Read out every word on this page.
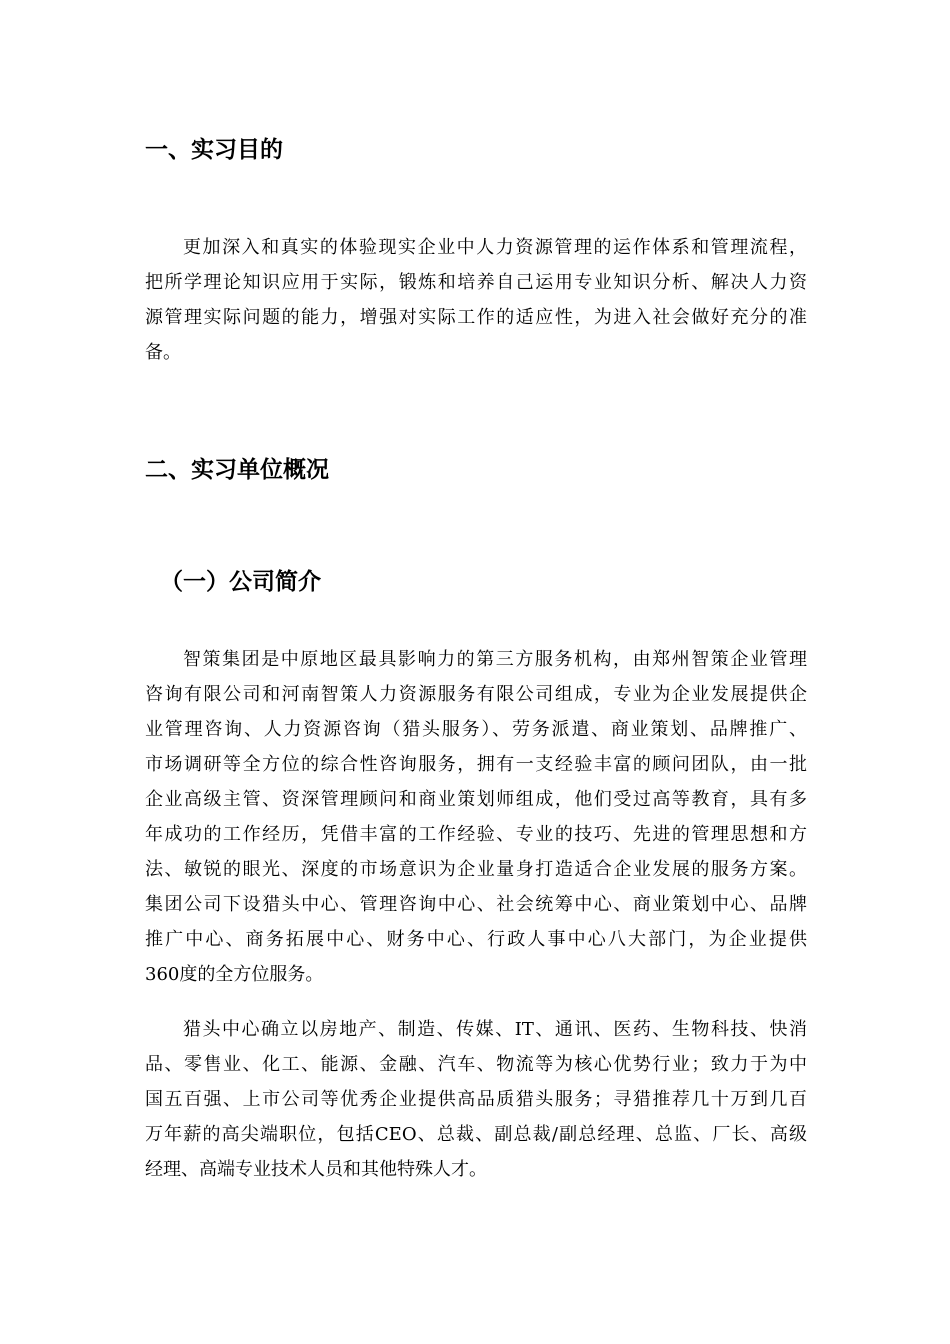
一、实习目的
更加深入和真实的体验现实企业中人力资源管理的运作体系和管理流程，
把所学理论知识应用于实际，锻炼和培养自己运用专业知识分析、解决人力资
源管理实际问题的能力，增强对实际工作的适应性，为进入社会做好充分的准
备。
二、实习单位概况
（一）公司简介
智策集团是中原地区最具影响力的第三方服务机构，由郑州智策企业管理
咨询有限公司和河南智策人力资源服务有限公司组成，专业为企业发展提供企
业管理咨询、人力资源咨询（猎头服务）、劳务派遣、商业策划、品牌推广、
市场调研等全方位的综合性咨询服务，拥有一支经验丰富的顾问团队，由一批
企业高级主管、资深管理顾问和商业策划师组成，他们受过高等教育，具有多
年成功的工作经历，凭借丰富的工作经验、专业的技巧、先进的管理思想和方
法、敏锐的眼光、深度的市场意识为企业量身打造适合企业发展的服务方案。
集团公司下设猎头中心、管理咨询中心、社会统筹中心、商业策划中心、品牌
推广中心、商务拓展中心、财务中心、行政人事中心八大部门，为企业提供
360度的全方位服务。
猎头中心确立以房地产、制造、传媒、IT、通讯、医药、生物科技、快消
品、零售业、化工、能源、金融、汽车、物流等为核心优势行业；致力于为中
国五百强、上市公司等优秀企业提供高品质猎头服务；寻猎推荐几十万到几百
万年薪的高尖端职位，包括CEO、总裁、副总裁/副总经理、总监、厂长、高级
经理、高端专业技术人员和其他特殊人才。
